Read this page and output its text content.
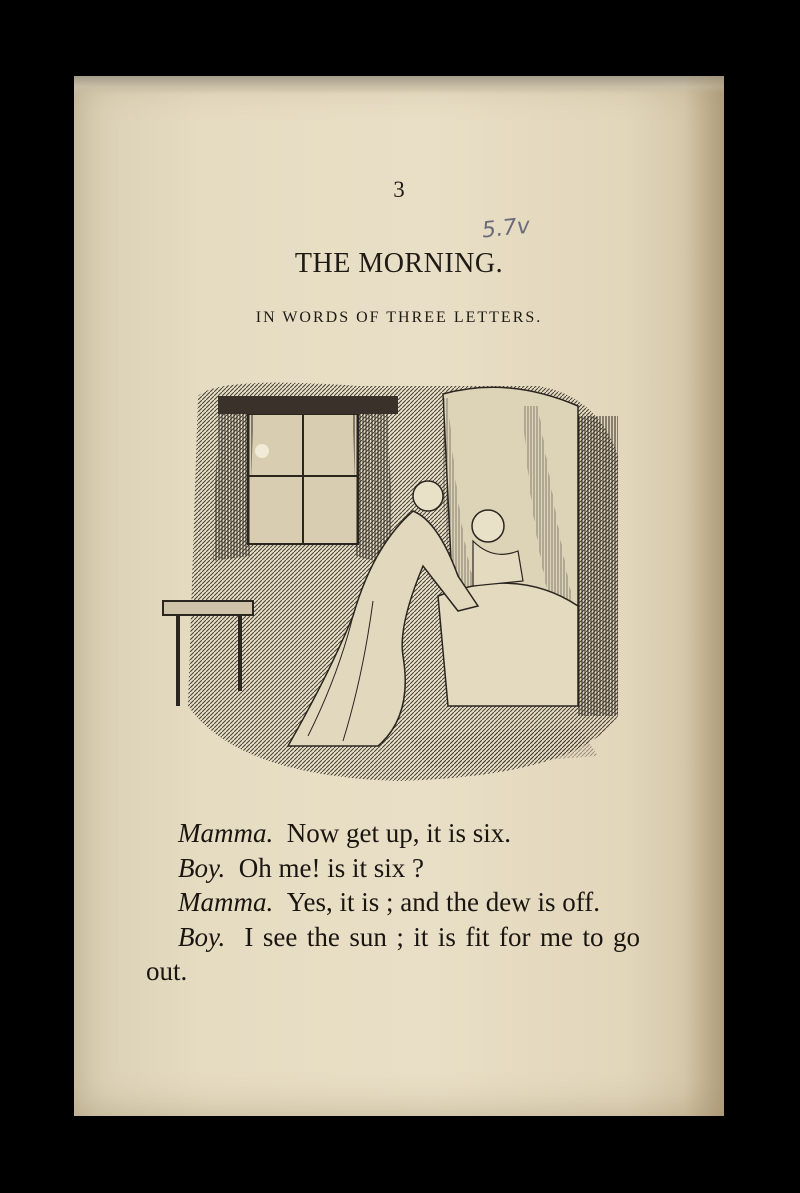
5.7v
3
THE MORNING.
IN WORDS OF THREE LETTERS.

Mamma. Now get up, it is six.

Boy. Oh me! is it six ?

Mamma. Yes, it is ; and the dew is off.

Boy. I see the sun ; it is fit for me to go out.
